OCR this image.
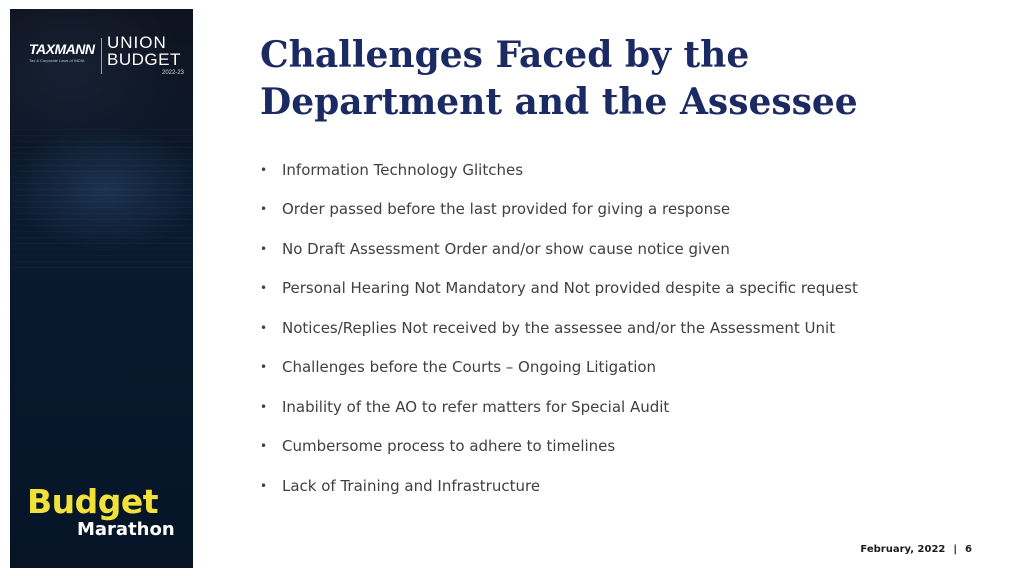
TAXMANN
Tax & Corporate Laws of INDIA
UNION
BUDGET
2022-23
Budget
Marathon
Challenges Faced by the Department and the Assessee
• Information Technology Glitches
• Order passed before the last provided for giving a response
• No Draft Assessment Order and/or show cause notice given
• Personal Hearing Not Mandatory and Not provided despite a specific request
• Notices/Replies Not received by the assessee and/or the Assessment Unit
• Challenges before the Courts – Ongoing Litigation
• Inability of the AO to refer matters for Special Audit
• Cumbersome process to adhere to timelines
• Lack of Training and Infrastructure
February, 2022 | 6
